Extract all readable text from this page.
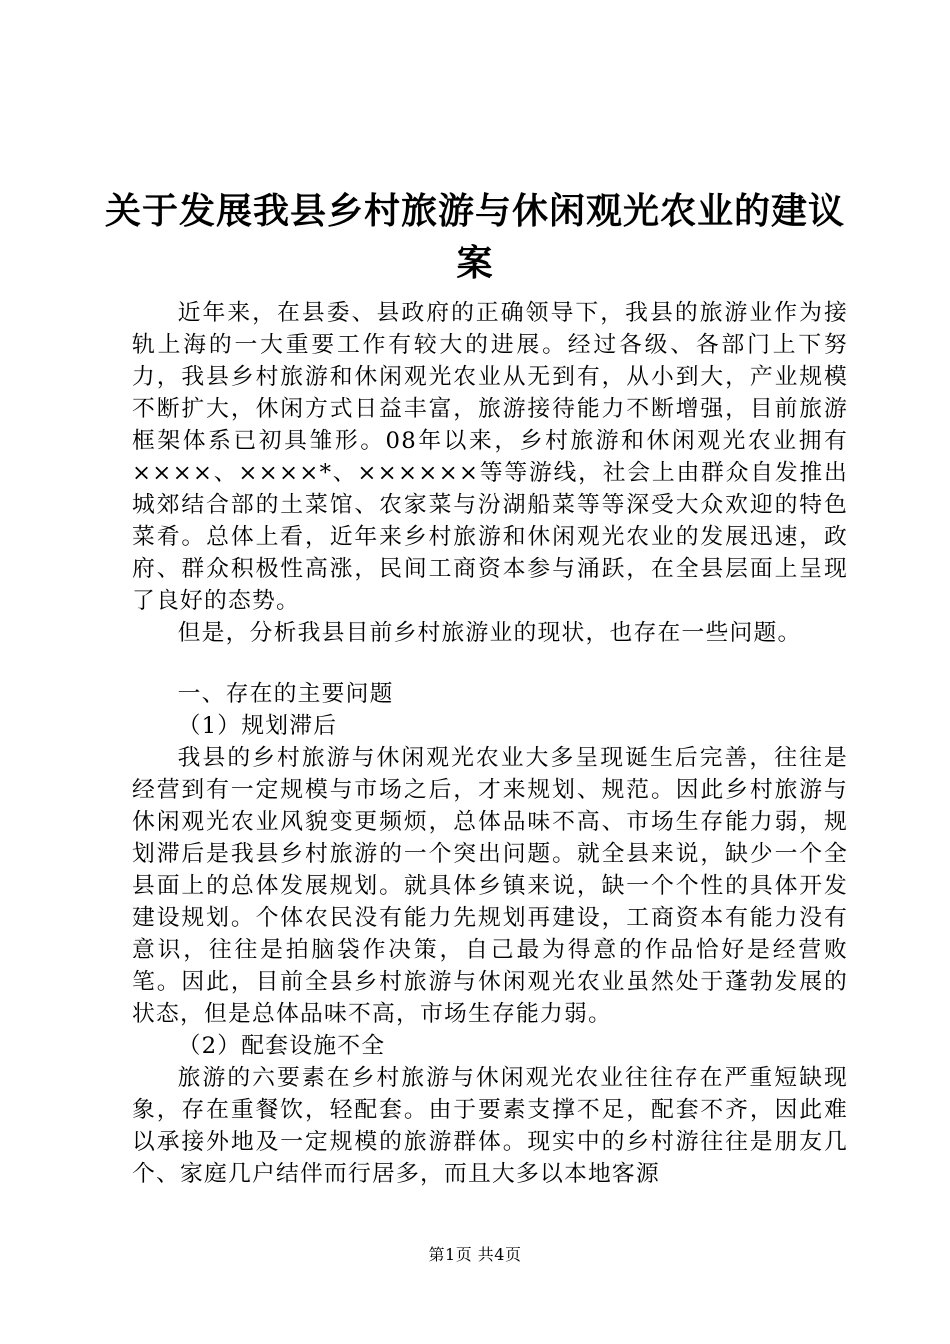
关于发展我县乡村旅游与休闲观光农业的建议
案

近年来，在县委、县政府的正确领导下，我县的旅游业作为接轨上海的一大重要工作有较大的进展。经过各级、各部门上下努力，我县乡村旅游和休闲观光农业从无到有，从小到大，产业规模不断扩大，休闲方式日益丰富，旅游接待能力不断增强，目前旅游框架体系已初具雏形。08年以来，乡村旅游和休闲观光农业拥有××××、××××*、××××××等等游线，社会上由群众自发推出城郊结合部的土菜馆、农家菜与汾湖船菜等等深受大众欢迎的特色菜肴。总体上看，近年来乡村旅游和休闲观光农业的发展迅速，政府、群众积极性高涨，民间工商资本参与涌跃，在全县层面上呈现了良好的态势。

但是，分析我县目前乡村旅游业的现状，也存在一些问题。

一、存在的主要问题

（1）规划滞后

我县的乡村旅游与休闲观光农业大多呈现诞生后完善，往往是经营到有一定规模与市场之后，才来规划、规范。因此乡村旅游与休闲观光农业风貌变更频烦，总体品味不高、市场生存能力弱，规划滞后是我县乡村旅游的一个突出问题。就全县来说，缺少一个全县面上的总体发展规划。就具体乡镇来说，缺一个个性的具体开发建设规划。个体农民没有能力先规划再建设，工商资本有能力没有意识，往往是拍脑袋作决策，自己最为得意的作品恰好是经营败笔。因此，目前全县乡村旅游与休闲观光农业虽然处于蓬勃发展的状态，但是总体品味不高，市场生存能力弱。

（2）配套设施不全

旅游的六要素在乡村旅游与休闲观光农业往往存在严重短缺现象，存在重餐饮，轻配套。由于要素支撑不足，配套不齐，因此难以承接外地及一定规模的旅游群体。现实中的乡村游往往是朋友几个、家庭几户结伴而行居多，而且大多以本地客源

第1页 共4页
